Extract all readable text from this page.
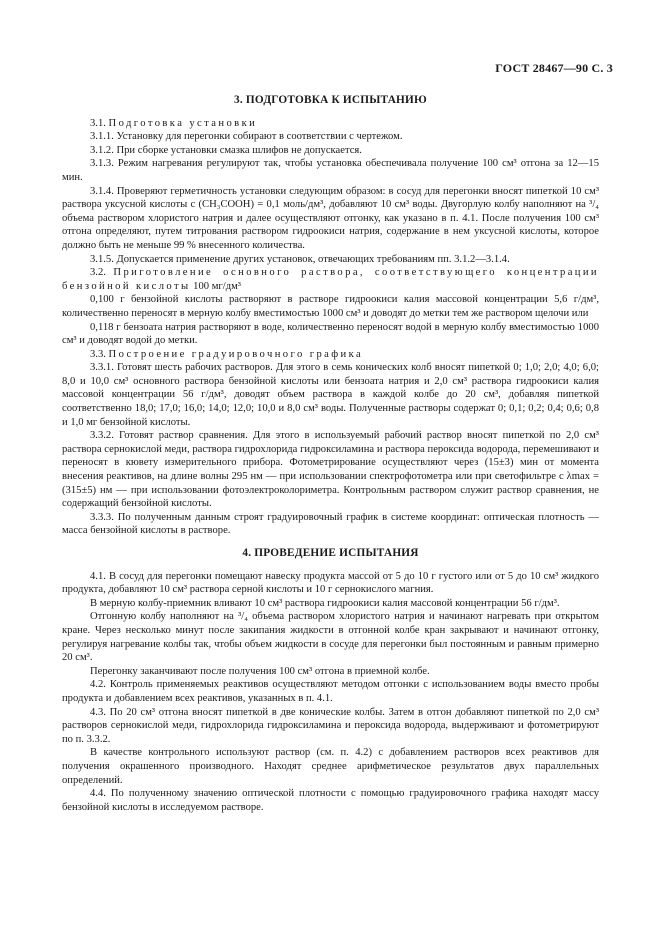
ГОСТ 28467—90 С. 3

3. ПОДГОТОВКА К ИСПЫТАНИЮ

3.1. Подготовка установки

3.1.1. Установку для перегонки собирают в соответствии с чертежом.

3.1.2. При сборке установки смазка шлифов не допускается.

3.1.3. Режим нагревания регулируют так, чтобы установка обеспечивала получение 100 см³ отгона за 12—15 мин.

3.1.4. Проверяют герметичность установки следующим образом: в сосуд для перегонки вносят пипеткой 10 см³ раствора уксусной кислоты с (CH₃COOH) = 0,1 моль/дм³, добавляют 10 см³ воды. Двугорлую колбу наполняют на ³/₄ объема раствором хлористого натрия и далее осуществляют отгонку, как указано в п. 4.1. После получения 100 см³ отгона определяют, путем титрования раствором гидроокиси натрия, содержание в нем уксусной кислоты, которое должно быть не меньше 99 % внесенного количества.

3.1.5. Допускается применение других установок, отвечающих требованиям пп. 3.1.2—3.1.4.

3.2. Приготовление основного раствора, соответствующего концентрации бензойной кислоты 100 мг/дм³

0,100 г бензойной кислоты растворяют в растворе гидроокиси калия массовой концентрации 5,6 г/дм³, количественно переносят в мерную колбу вместимостью 1000 см³ и доводят до метки тем же раствором щелочи или

0,118 г бензоата натрия растворяют в воде, количественно переносят водой в мерную колбу вместимостью 1000 см³ и доводят водой до метки.

3.3. Построение градуировочного графика

3.3.1. Готовят шесть рабочих растворов. Для этого в семь конических колб вносят пипеткой 0; 1,0; 2,0; 4,0; 6,0; 8,0 и 10,0 см³ основного раствора бензойной кислоты или бензоата натрия и 2,0 см³ раствора гидроокиси калия массовой концентрации 56 г/дм³, доводят объем раствора в каждой колбе до 20 см³, добавляя пипеткой соответственно 18,0; 17,0; 16,0; 14,0; 12,0; 10,0 и 8,0 см³ воды. Полученные растворы содержат 0; 0,1; 0,2; 0,4; 0,6; 0,8 и 1,0 мг бензойной кислоты.

3.3.2. Готовят раствор сравнения. Для этого в используемый рабочий раствор вносят пипеткой по 2,0 см³ раствора сернокислой меди, раствора гидрохлорида гидроксиламина и раствора пероксида водорода, перемешивают и переносят в кювету измерительного прибора. Фотометрирование осуществляют через (15±3) мин от момента внесения реактивов, на длине волны 295 нм — при использовании спектрофотометра или при светофильтре с λmax = (315±5) нм — при использовании фотоэлектроколориметра. Контрольным раствором служит раствор сравнения, не содержащий бензойной кислоты.

3.3.3. По полученным данным строят градуировочный график в системе координат: оптическая плотность — масса бензойной кислоты в растворе.

4. ПРОВЕДЕНИЕ ИСПЫТАНИЯ

4.1. В сосуд для перегонки помещают навеску продукта массой от 5 до 10 г густого или от 5 до 10 см³ жидкого продукта, добавляют 10 см³ раствора серной кислоты и 10 г сернокислого магния.

В мерную колбу-приемник вливают 10 см³ раствора гидроокиси калия массовой концентрации 56 г/дм³.

Отгонную колбу наполняют на ³/₄ объема раствором хлористого натрия и начинают нагревать при открытом кране. Через несколько минут после закипания жидкости в отгонной колбе кран закрывают и начинают отгонку, регулируя нагревание колбы так, чтобы объем жидкости в сосуде для перегонки был постоянным и равным примерно 20 см³.

Перегонку заканчивают после получения 100 см³ отгона в приемной колбе.

4.2. Контроль применяемых реактивов осуществляют методом отгонки с использованием воды вместо пробы продукта и добавлением всех реактивов, указанных в п. 4.1.

4.3. По 20 см³ отгона вносят пипеткой в две конические колбы. Затем в отгон добавляют пипеткой по 2,0 см³ растворов сернокислой меди, гидрохлорида гидроксиламина и пероксида водорода, выдерживают и фотометрируют по п. 3.3.2.

В качестве контрольного используют раствор (см. п. 4.2) с добавлением растворов всех реактивов для получения окрашенного производного. Находят среднее арифметическое результатов двух параллельных определений.

4.4. По полученному значению оптической плотности с помощью градуировочного графика находят массу бензойной кислоты в исследуемом растворе.
